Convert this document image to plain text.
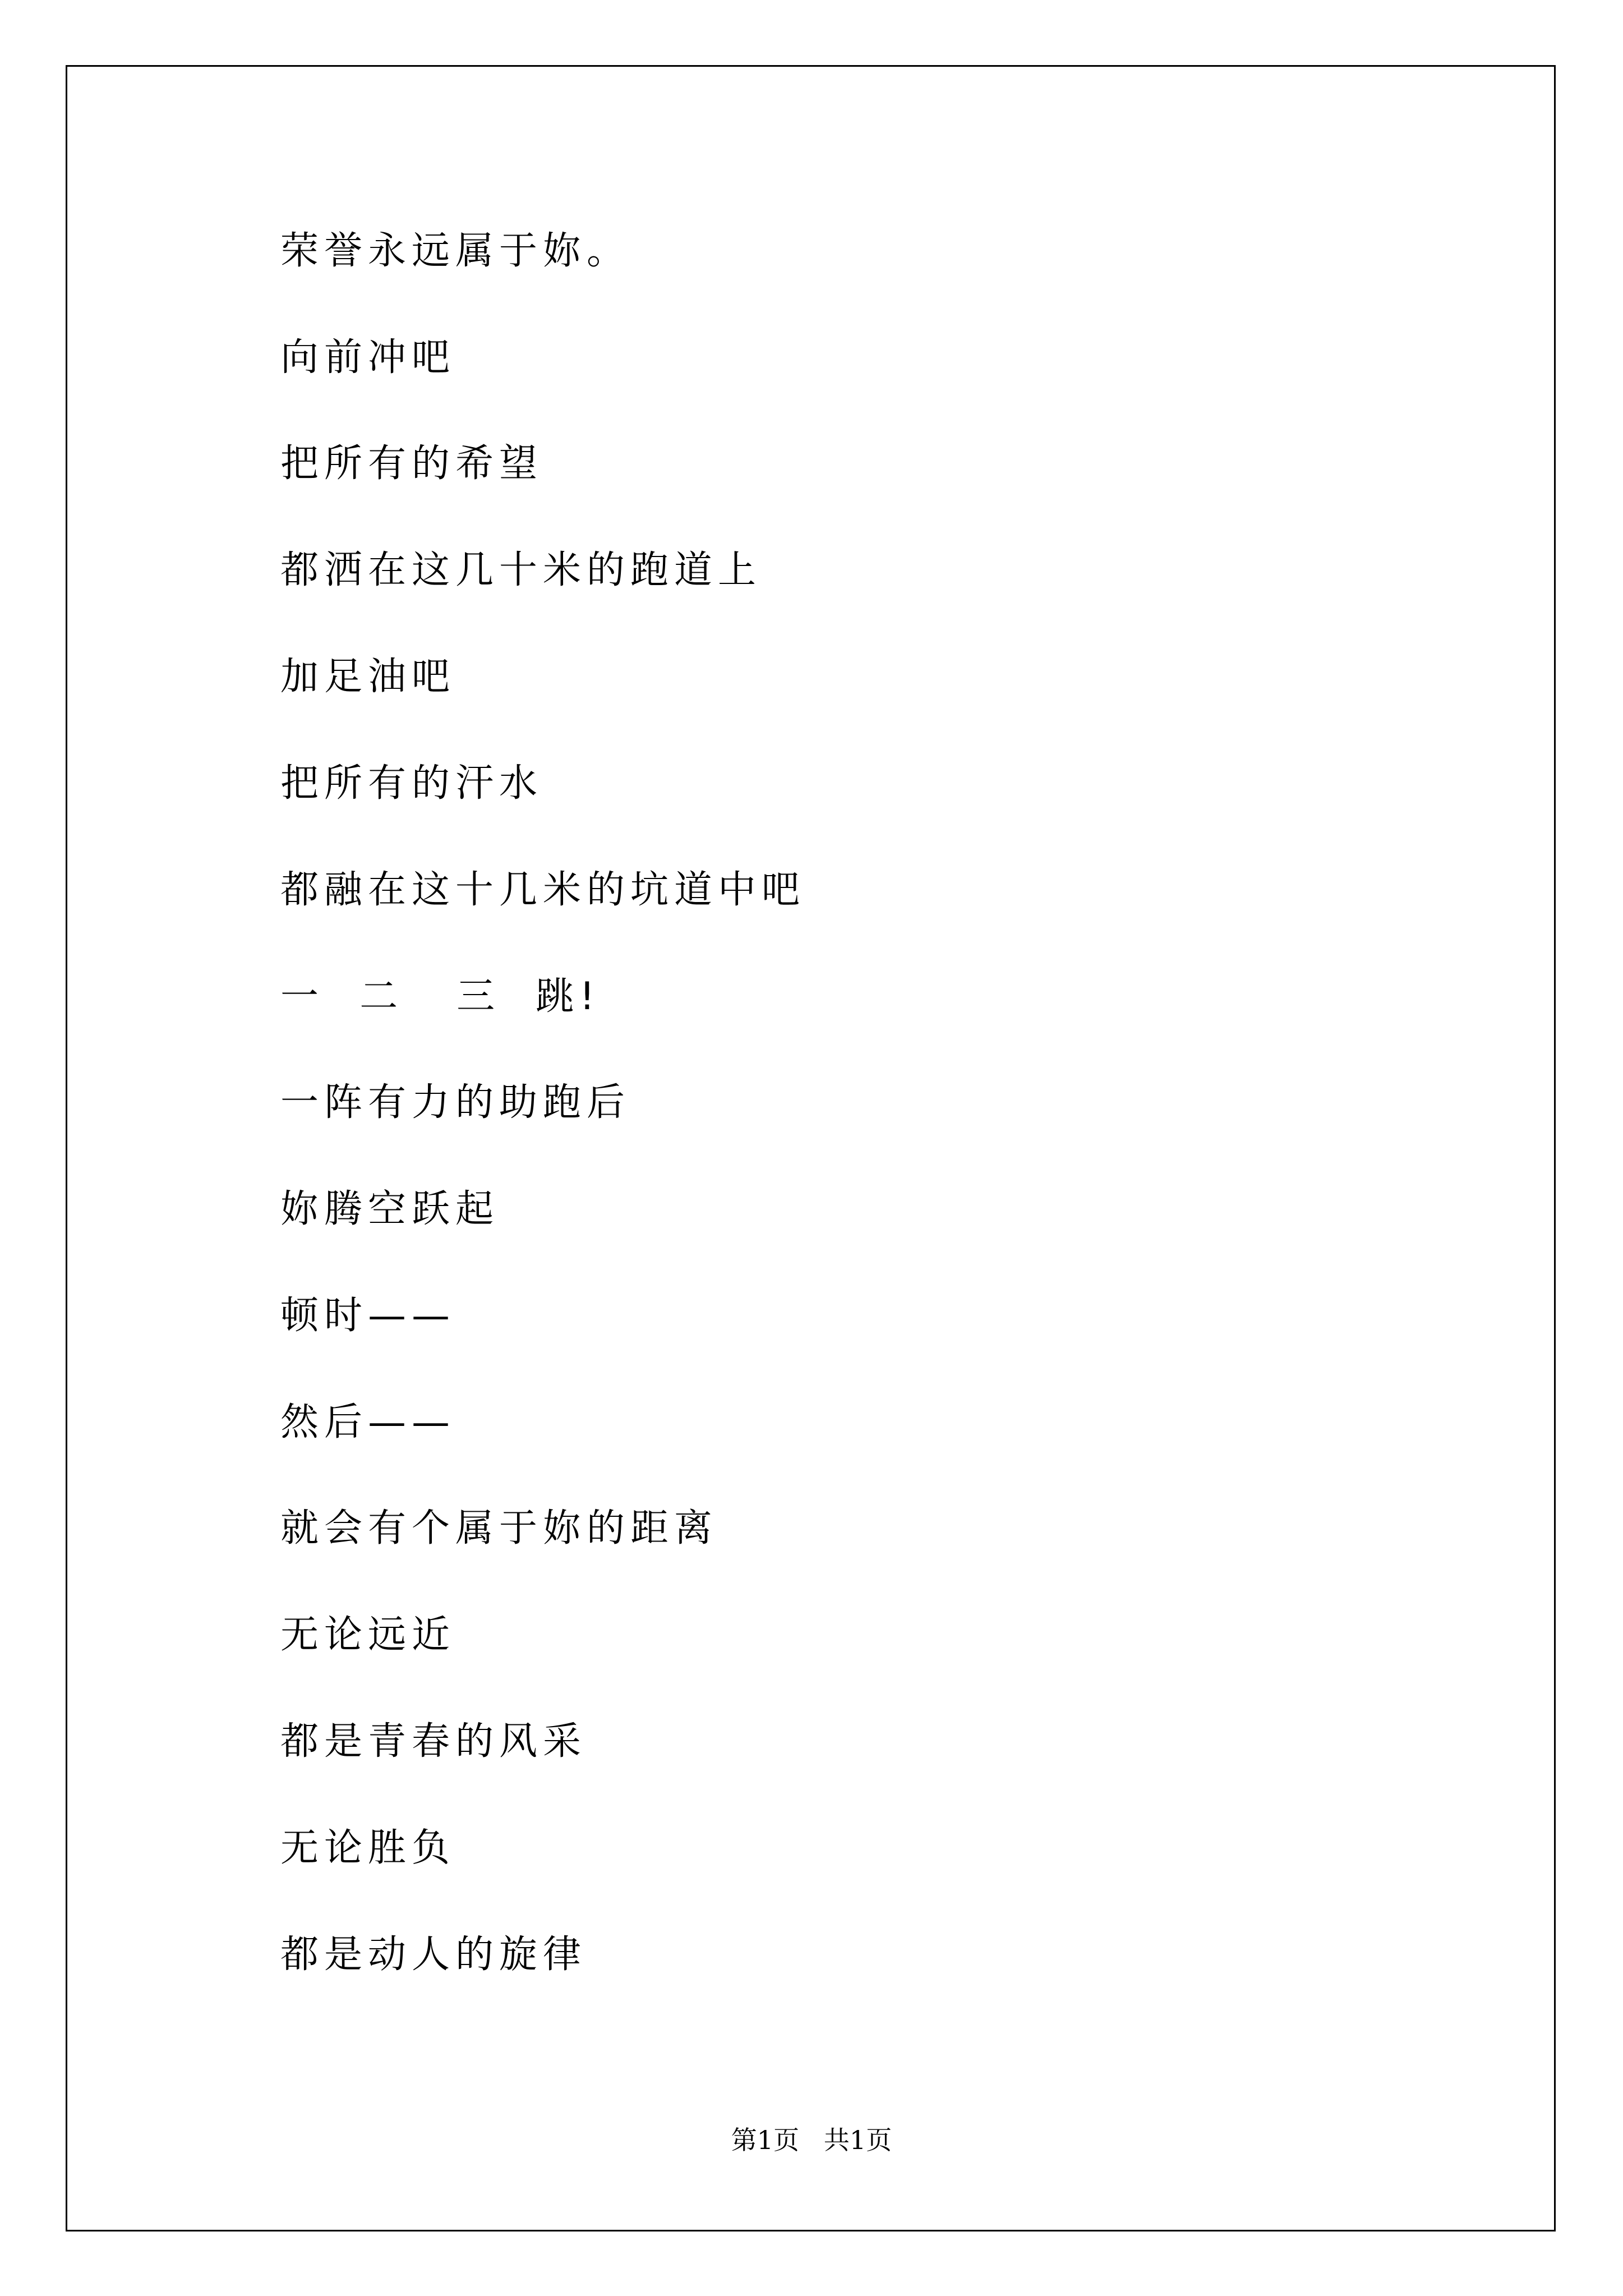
荣誉永远属于妳。
向前冲吧
把所有的希望
都洒在这几十米的跑道上
加足油吧
把所有的汗水
都融在这十几米的坑道中吧
一  二   三  跳!
一阵有力的助跑后
妳腾空跃起
顿时——
然后——
就会有个属于妳的距离
无论远近
都是青春的风采
无论胜负
都是动人的旋律
第1页   共1页
